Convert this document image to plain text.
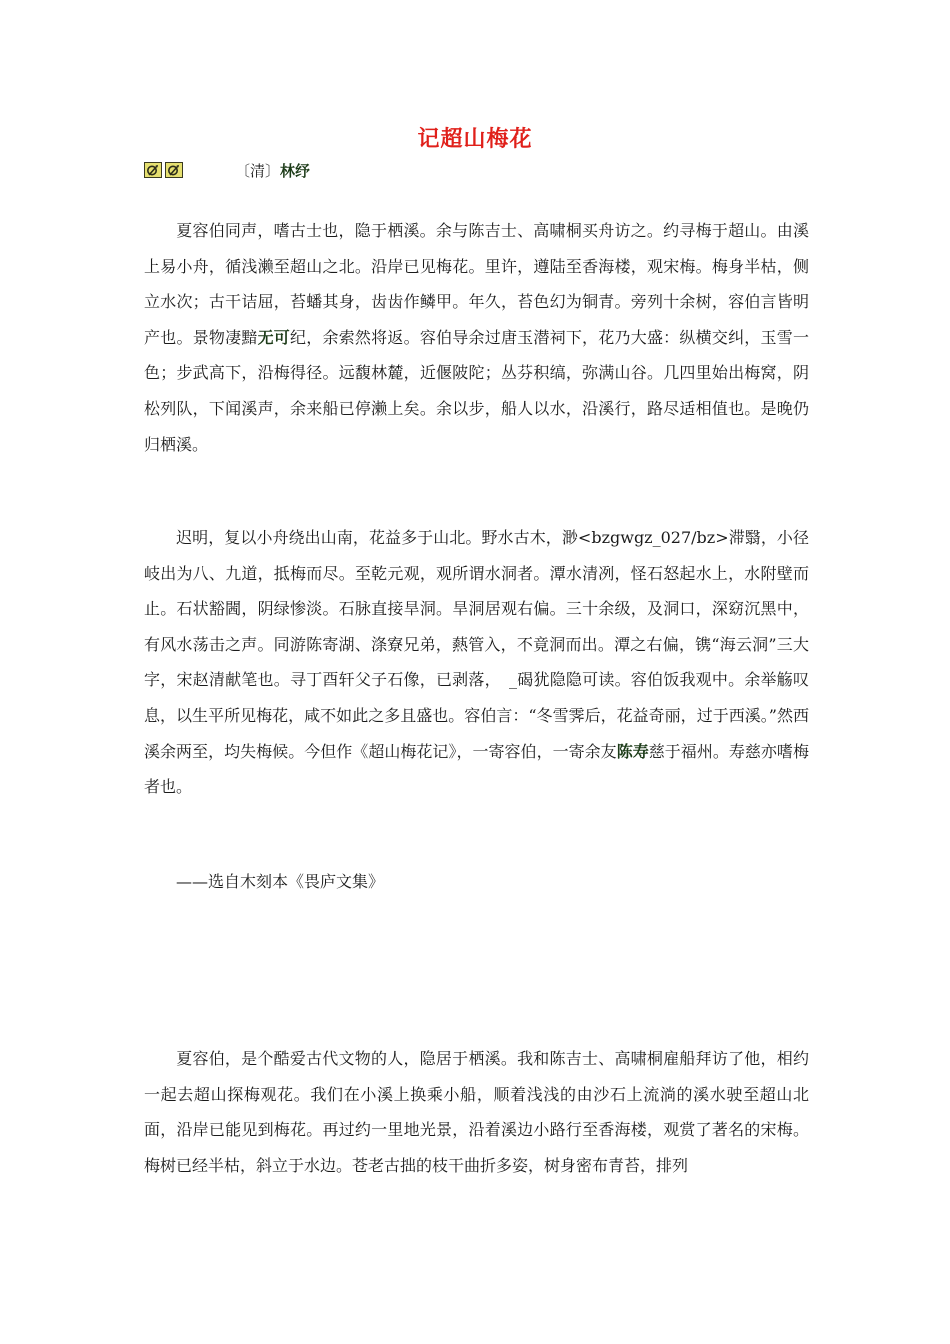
记超山梅花
〔清〕林纾

夏容伯同声，嗜古士也，隐于栖溪。余与陈吉士、高啸桐买舟访之。约寻梅于超山。由溪上易小舟，循浅濑至超山之北。沿岸已见梅花。里许，遵陆至香海楼，观宋梅。梅身半枯，侧立水次；古干诘屈，苔蟠其身，齿齿作鳞甲。年久，苔色幻为铜青。旁列十余树，容伯言皆明产也。景物凄黯无可纪，余索然将返。容伯导余过唐玉潜祠下，花乃大盛：纵横交纠，玉雪一色；步武高下，沿梅得径。远馥林麓，近偃陂陀；丛芬积缟，弥满山谷。几四里始出梅窝，阴松列队，下闻溪声，余来船已停濑上矣。余以步，船人以水，沿溪行，路尽适相值也。是晚仍归栖溪。

迟明，复以小舟绕出山南，花益多于山北。野水古木，渺<bzgwgz_027/bz>滞翳，小径岐出为八、九道，抵梅而尽。至乾元观，观所谓水洞者。潭水清冽，怪石怒起水上，水附壁而止。石状豁閪，阴绿惨淡。石脉直接旱洞。旱洞居观右偏。三十余级，及洞口，深窈沉黑中，有风水荡击之声。同游陈寄湖、涤寮兄弟，爇管入，不竟洞而出。潭之右偏，镌“海云洞”三大字，宋赵清献笔也。寻丁酉轩父子石像，已剥落，　_碣犹隐隐可读。容伯饭我观中。余举觞叹息，以生平所见梅花，咸不如此之多且盛也。容伯言：“冬雪霁后，花益奇丽，过于西溪。”然西溪余两至，均失梅候。今但作《超山梅花记》，一寄容伯，一寄余友陈寿慈于福州。寿慈亦嗜梅者也。

——选自木刻本《畏庐文集》

夏容伯，是个酷爱古代文物的人，隐居于栖溪。我和陈吉士、高啸桐雇船拜访了他，相约一起去超山探梅观花。我们在小溪上换乘小船，顺着浅浅的由沙石上流淌的溪水驶至超山北面，沿岸已能见到梅花。再过约一里地光景，沿着溪边小路行至香海楼，观赏了著名的宋梅。梅树已经半枯，斜立于水边。苍老古拙的枝干曲折多姿，树身密布青苔，排列
